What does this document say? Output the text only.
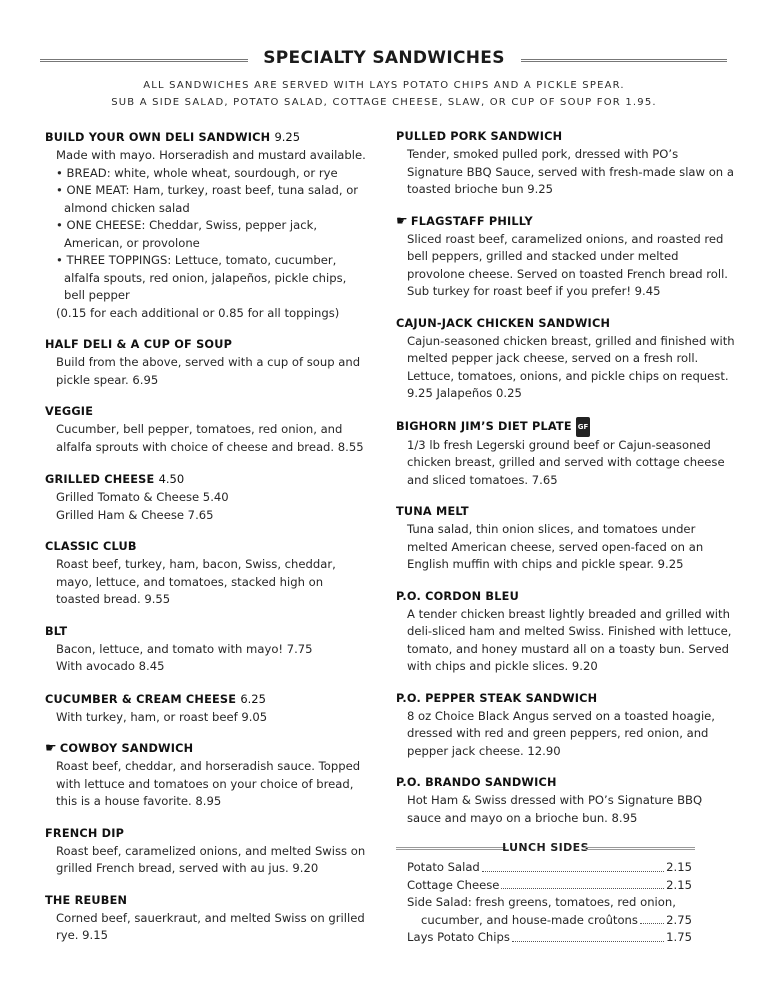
SPECIALTY SANDWICHES
ALL SANDWICHES ARE SERVED WITH LAYS POTATO CHIPS AND A PICKLE SPEAR.
SUB A SIDE SALAD, POTATO SALAD, COTTAGE CHEESE, SLAW, OR CUP OF SOUP FOR 1.95.
BUILD YOUR OWN DELI SANDWICH 9.25
Made with mayo. Horseradish and mustard available.
• BREAD: white, whole wheat, sourdough, or rye
• ONE MEAT: Ham, turkey, roast beef, tuna salad, or almond chicken salad
• ONE CHEESE: Cheddar, Swiss, pepper jack, American, or provolone
• THREE TOPPINGS: Lettuce, tomato, cucumber, alfalfa spouts, red onion, jalapeños, pickle chips, bell pepper
(0.15 for each additional or 0.85 for all toppings)
HALF DELI & A CUP OF SOUP
Build from the above, served with a cup of soup and pickle spear. 6.95
VEGGIE
Cucumber, bell pepper, tomatoes, red onion, and alfalfa sprouts with choice of cheese and bread. 8.55
GRILLED CHEESE 4.50
Grilled Tomato & Cheese 5.40
Grilled Ham & Cheese 7.65
CLASSIC CLUB
Roast beef, turkey, ham, bacon, Swiss, cheddar, mayo, lettuce, and tomatoes, stacked high on toasted bread. 9.55
BLT
Bacon, lettuce, and tomato with mayo! 7.75
With avocado 8.45
CUCUMBER & CREAM CHEESE 6.25
With turkey, ham, or roast beef 9.05
☛ COWBOY SANDWICH
Roast beef, cheddar, and horseradish sauce. Topped with lettuce and tomatoes on your choice of bread, this is a house favorite. 8.95
FRENCH DIP
Roast beef, caramelized onions, and melted Swiss on grilled French bread, served with au jus. 9.20
THE REUBEN
Corned beef, sauerkraut, and melted Swiss on grilled rye. 9.15
PULLED PORK SANDWICH
Tender, smoked pulled pork, dressed with PO’s Signature BBQ Sauce, served with fresh-made slaw on a toasted brioche bun 9.25
☛ FLAGSTAFF PHILLY
Sliced roast beef, caramelized onions, and roasted red bell peppers, grilled and stacked under melted provolone cheese. Served on toasted French bread roll. Sub turkey for roast beef if you prefer! 9.45
CAJUN-JACK CHICKEN SANDWICH
Cajun-seasoned chicken breast, grilled and finished with melted pepper jack cheese, served on a fresh roll. Lettuce, tomatoes, onions, and pickle chips on request. 9.25 Jalapeños 0.25
BIGHORN JIM’S DIET PLATE GF
1/3 lb fresh Legerski ground beef or Cajun-seasoned chicken breast, grilled and served with cottage cheese and sliced tomatoes. 7.65
TUNA MELT
Tuna salad, thin onion slices, and tomatoes under melted American cheese, served open-faced on an English muffin with chips and pickle spear. 9.25
P.O. CORDON BLEU
A tender chicken breast lightly breaded and grilled with deli-sliced ham and melted Swiss. Finished with lettuce, tomato, and honey mustard all on a toasty bun. Served with chips and pickle slices. 9.20
P.O. PEPPER STEAK SANDWICH
8 oz Choice Black Angus served on a toasted hoagie, dressed with red and green peppers, red onion, and pepper jack cheese. 12.90
P.O. BRANDO SANDWICH
Hot Ham & Swiss dressed with PO’s Signature BBQ sauce and mayo on a brioche bun. 8.95
LUNCH SIDES
Potato Salad	2.15
Cottage Cheese	2.15
Side Salad: fresh greens, tomatoes, red onion,
cucumber, and house-made croûtons 2.75
Lays Potato Chips	1.75
